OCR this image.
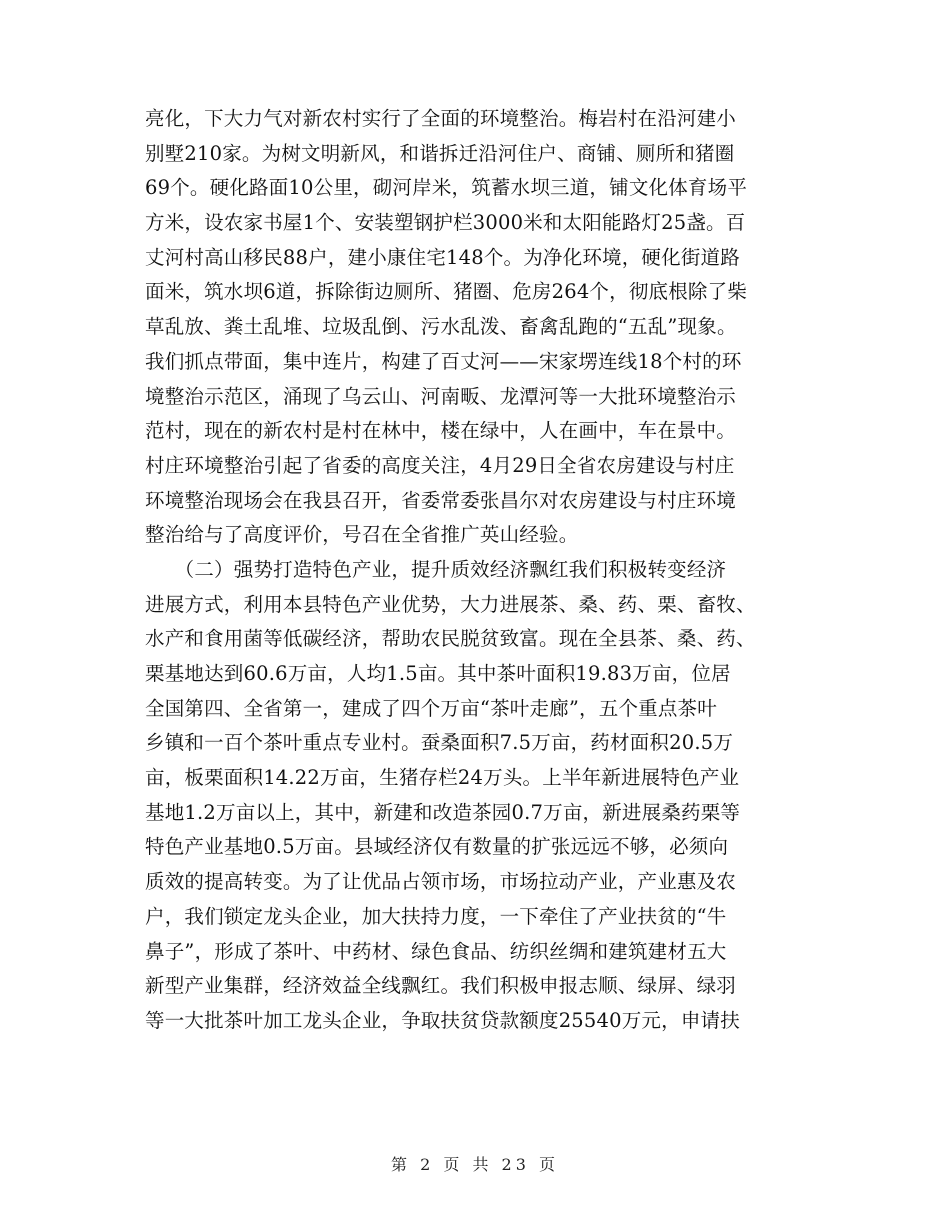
亮化，下大力气对新农村实行了全面的环境整治。梅岩村在沿河建小
别墅210家。为树文明新风，和谐拆迁沿河住户、商铺、厕所和猪圈
69个。硬化路面10公里，砌河岸米，筑蓄水坝三道，铺文化体育场平
方米，设农家书屋1个、安装塑钢护栏3000米和太阳能路灯25盏。百
丈河村高山移民88户，建小康住宅148个。为净化环境，硬化街道路
面米，筑水坝6道，拆除街边厕所、猪圈、危房264个，彻底根除了柴
草乱放、粪土乱堆、垃圾乱倒、污水乱泼、畜禽乱跑的“五乱”现象。
我们抓点带面，集中连片，构建了百丈河——宋家塄连线18个村的环
境整治示范区，涌现了乌云山、河南畈、龙潭河等一大批环境整治示
范村，现在的新农村是村在林中，楼在绿中，人在画中，车在景中。
村庄环境整治引起了省委的高度关注，4月29日全省农房建设与村庄
环境整治现场会在我县召开，省委常委张昌尔对农房建设与村庄环境
整治给与了高度评价，号召在全省推广英山经验。
　　（二）强势打造特色产业，提升质效经济飘红我们积极转变经济
进展方式，利用本县特色产业优势，大力进展茶、桑、药、栗、畜牧、
水产和食用菌等低碳经济，帮助农民脱贫致富。现在全县茶、桑、药、
栗基地达到60.6万亩，人均1.5亩。其中茶叶面积19.83万亩，位居
全国第四、全省第一，建成了四个万亩“茶叶走廊”，五个重点茶叶
乡镇和一百个茶叶重点专业村。蚕桑面积7.5万亩，药材面积20.5万
亩，板栗面积14.22万亩，生猪存栏24万头。上半年新进展特色产业
基地1.2万亩以上，其中，新建和改造茶园0.7万亩，新进展桑药栗等
特色产业基地0.5万亩。县域经济仅有数量的扩张远远不够，必须向
质效的提高转变。为了让优品占领市场，市场拉动产业，产业惠及农
户，我们锁定龙头企业，加大扶持力度，一下牵住了产业扶贫的“牛
鼻子”，形成了茶叶、中药材、绿色食品、纺织丝绸和建筑建材五大
新型产业集群，经济效益全线飘红。我们积极申报志顺、绿屏、绿羽
等一大批茶叶加工龙头企业，争取扶贫贷款额度25540万元，申请扶
第 2 页 共 23 页
